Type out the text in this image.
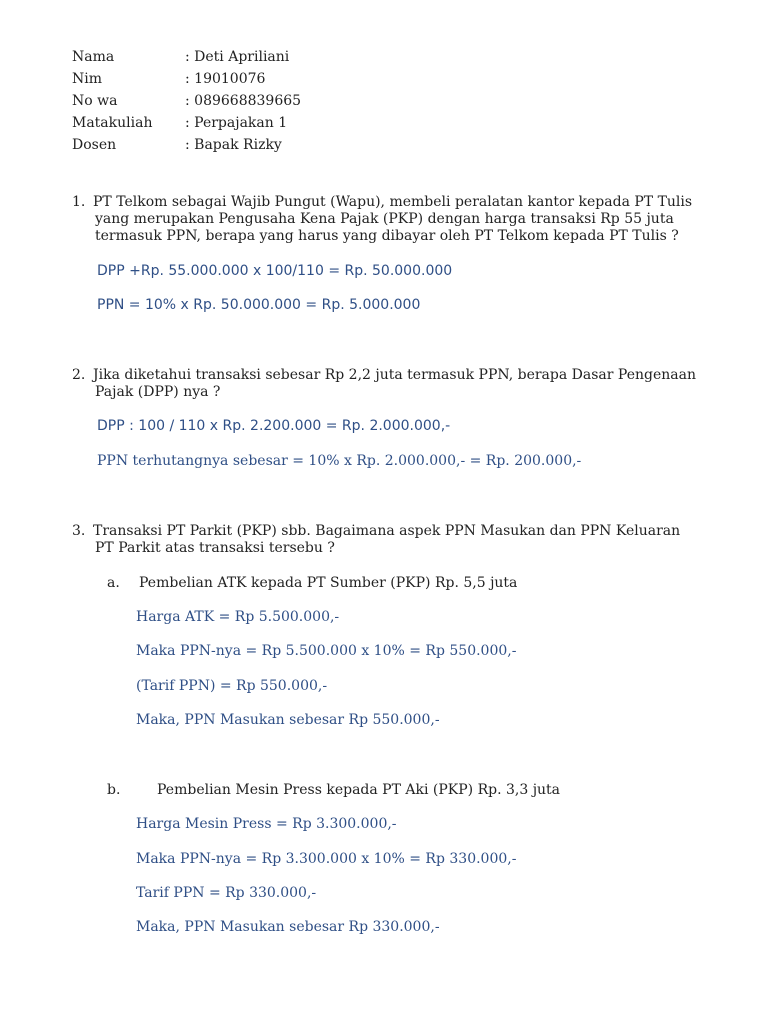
Nama	: Deti Apriliani
Nim	: 19010076
No wa	: 089668839665
Matakuliah : Perpajakan 1
Dosen	: Bapak Rizky
1. PT Telkom sebagai Wajib Pungut (Wapu), membeli peralatan kantor kepada PT Tulis
yang merupakan Pengusaha Kena Pajak (PKP) dengan harga transaksi Rp 55 juta
termasuk PPN, berapa yang harus yang dibayar oleh PT Telkom kepada PT Tulis ?
DPP +Rp. 55.000.000 x 100/110 = Rp. 50.000.000
PPN = 10% x Rp. 50.000.000 = Rp. 5.000.000
2. Jika diketahui transaksi sebesar Rp 2,2 juta termasuk PPN, berapa Dasar Pengenaan
Pajak (DPP) nya ?
DPP : 100 / 110 x Rp. 2.200.000 = Rp. 2.000.000,-
PPN terhutangnya sebesar = 10% x Rp. 2.000.000,- = Rp. 200.000,-
3. Transaksi PT Parkit (PKP) sbb. Bagaimana aspek PPN Masukan dan PPN Keluaran
PT Parkit atas transaksi tersebu ?
a. Pembelian ATK kepada PT Sumber (PKP) Rp. 5,5 juta
Harga ATK = Rp 5.500.000,-
Maka PPN-nya = Rp 5.500.000 x 10% = Rp 550.000,-
(Tarif PPN) = Rp 550.000,-
Maka, PPN Masukan sebesar Rp 550.000,-
b.	Pembelian Mesin Press kepada PT Aki (PKP) Rp. 3,3 juta
Harga Mesin Press = Rp 3.300.000,-
Maka PPN-nya = Rp 3.300.000 x 10% = Rp 330.000,-
Tarif PPN = Rp 330.000,-
Maka, PPN Masukan sebesar Rp 330.000,-
